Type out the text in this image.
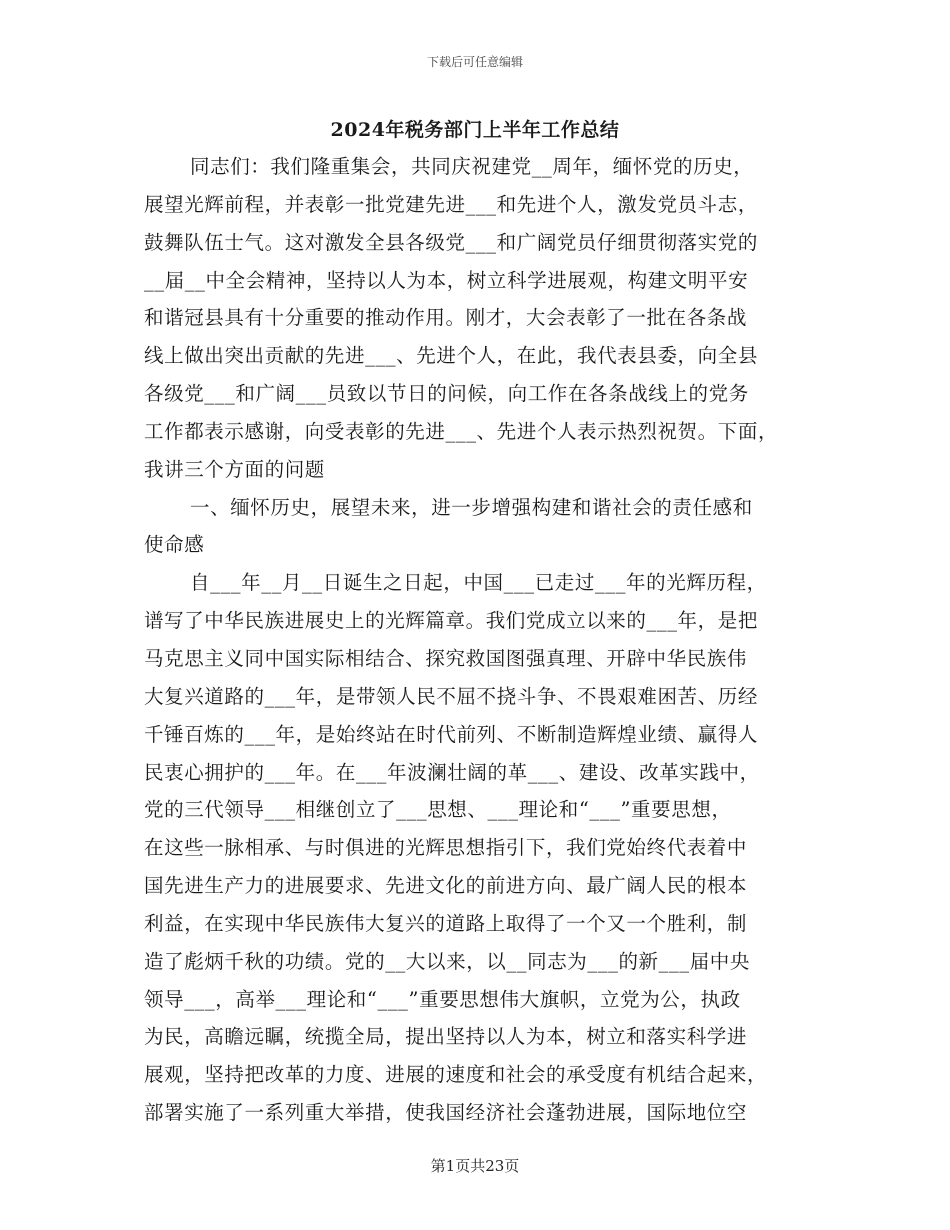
下载后可任意编辑
2024年税务部门上半年工作总结
同志们：我们隆重集会，共同庆祝建党__周年，缅怀党的历史，
展望光辉前程，并表彰一批党建先进___和先进个人，激发党员斗志，
鼓舞队伍士气。这对激发全县各级党___和广阔党员仔细贯彻落实党的
__届__中全会精神，坚持以人为本，树立科学进展观，构建文明平安
和谐冠县具有十分重要的推动作用。刚才，大会表彰了一批在各条战
线上做出突出贡献的先进___、先进个人，在此，我代表县委，向全县
各级党___和广阔___员致以节日的问候，向工作在各条战线上的党务
工作都表示感谢，向受表彰的先进___、先进个人表示热烈祝贺。下面，
我讲三个方面的问题
一、缅怀历史，展望未来，进一步增强构建和谐社会的责任感和
使命感
自___年__月__日诞生之日起，中国___已走过___年的光辉历程，
谱写了中华民族进展史上的光辉篇章。我们党成立以来的___年，是把
马克思主义同中国实际相结合、探究救国图强真理、开辟中华民族伟
大复兴道路的___年，是带领人民不屈不挠斗争、不畏艰难困苦、历经
千锤百炼的___年，是始终站在时代前列、不断制造辉煌业绩、赢得人
民衷心拥护的___年。在___年波澜壮阔的革___、建设、改革实践中，
党的三代领导___相继创立了___思想、___理论和“___”重要思想，
在这些一脉相承、与时俱进的光辉思想指引下，我们党始终代表着中
国先进生产力的进展要求、先进文化的前进方向、最广阔人民的根本
利益，在实现中华民族伟大复兴的道路上取得了一个又一个胜利，制
造了彪炳千秋的功绩。党的__大以来，以__同志为___的新___届中央
领导___，高举___理论和“___”重要思想伟大旗帜，立党为公，执政
为民，高瞻远瞩，统揽全局，提出坚持以人为本，树立和落实科学进
展观，坚持把改革的力度、进展的速度和社会的承受度有机结合起来，
部署实施了一系列重大举措，使我国经济社会蓬勃进展，国际地位空
第1页共23页
